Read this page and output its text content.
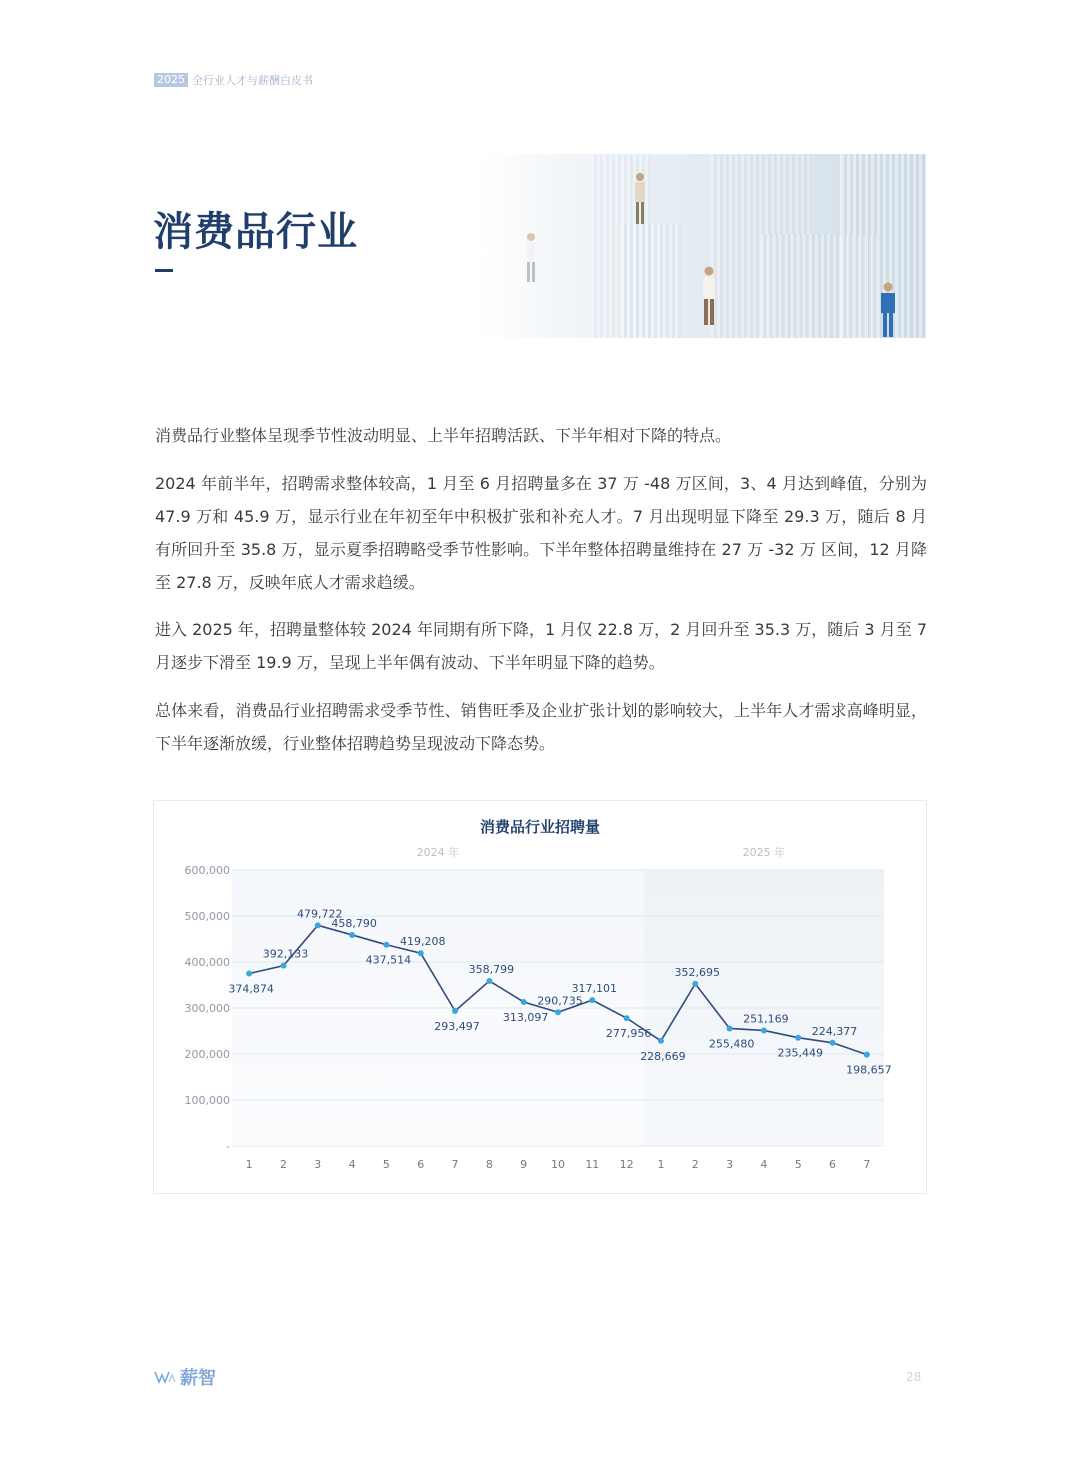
2025 全行业人才与薪酬白皮书
消费品行业

消费品行业整体呈现季节性波动明显、上半年招聘活跃、下半年相对下降的特点。

2024 年前半年，招聘需求整体较高，1 月至 6 月招聘量多在 37 万 -48 万区间，3、4 月达到峰值，分别为 47.9 万和 45.9 万，显示行业在年初至年中积极扩张和补充人才。7 月出现明显下降至 29.3 万，随后 8 月有所回升至 35.8 万，显示夏季招聘略受季节性影响。下半年整体招聘量维持在 27 万 -32 万 区间，12 月降至 27.8 万，反映年底人才需求趋缓。

进入 2025 年，招聘量整体较 2024 年同期有所下降，1 月仅 22.8 万，2 月回升至 35.3 万，随后 3 月至 7 月逐步下滑至 19.9 万，呈现上半年偶有波动、下半年明显下降的趋势。

总体来看，消费品行业招聘需求受季节性、销售旺季及企业扩张计划的影响较大，上半年人才需求高峰明显，下半年逐渐放缓，行业整体招聘趋势呈现波动下降态势。

消费品行业招聘量
2024 年	2025 年
-
100,000
200,000
300,000
400,000
500,000
600,000
1 2 3 4 5 6 7 8 9 10 11 12 1 2 3 4 5 6 7
374,874
392,133
479,722
458,790
437,514
419,208
293,497
358,799
313,097
290,735
317,101
277,956
228,669
352,695
255,480
251,169
235,449
224,377
198,657
薪智	28
